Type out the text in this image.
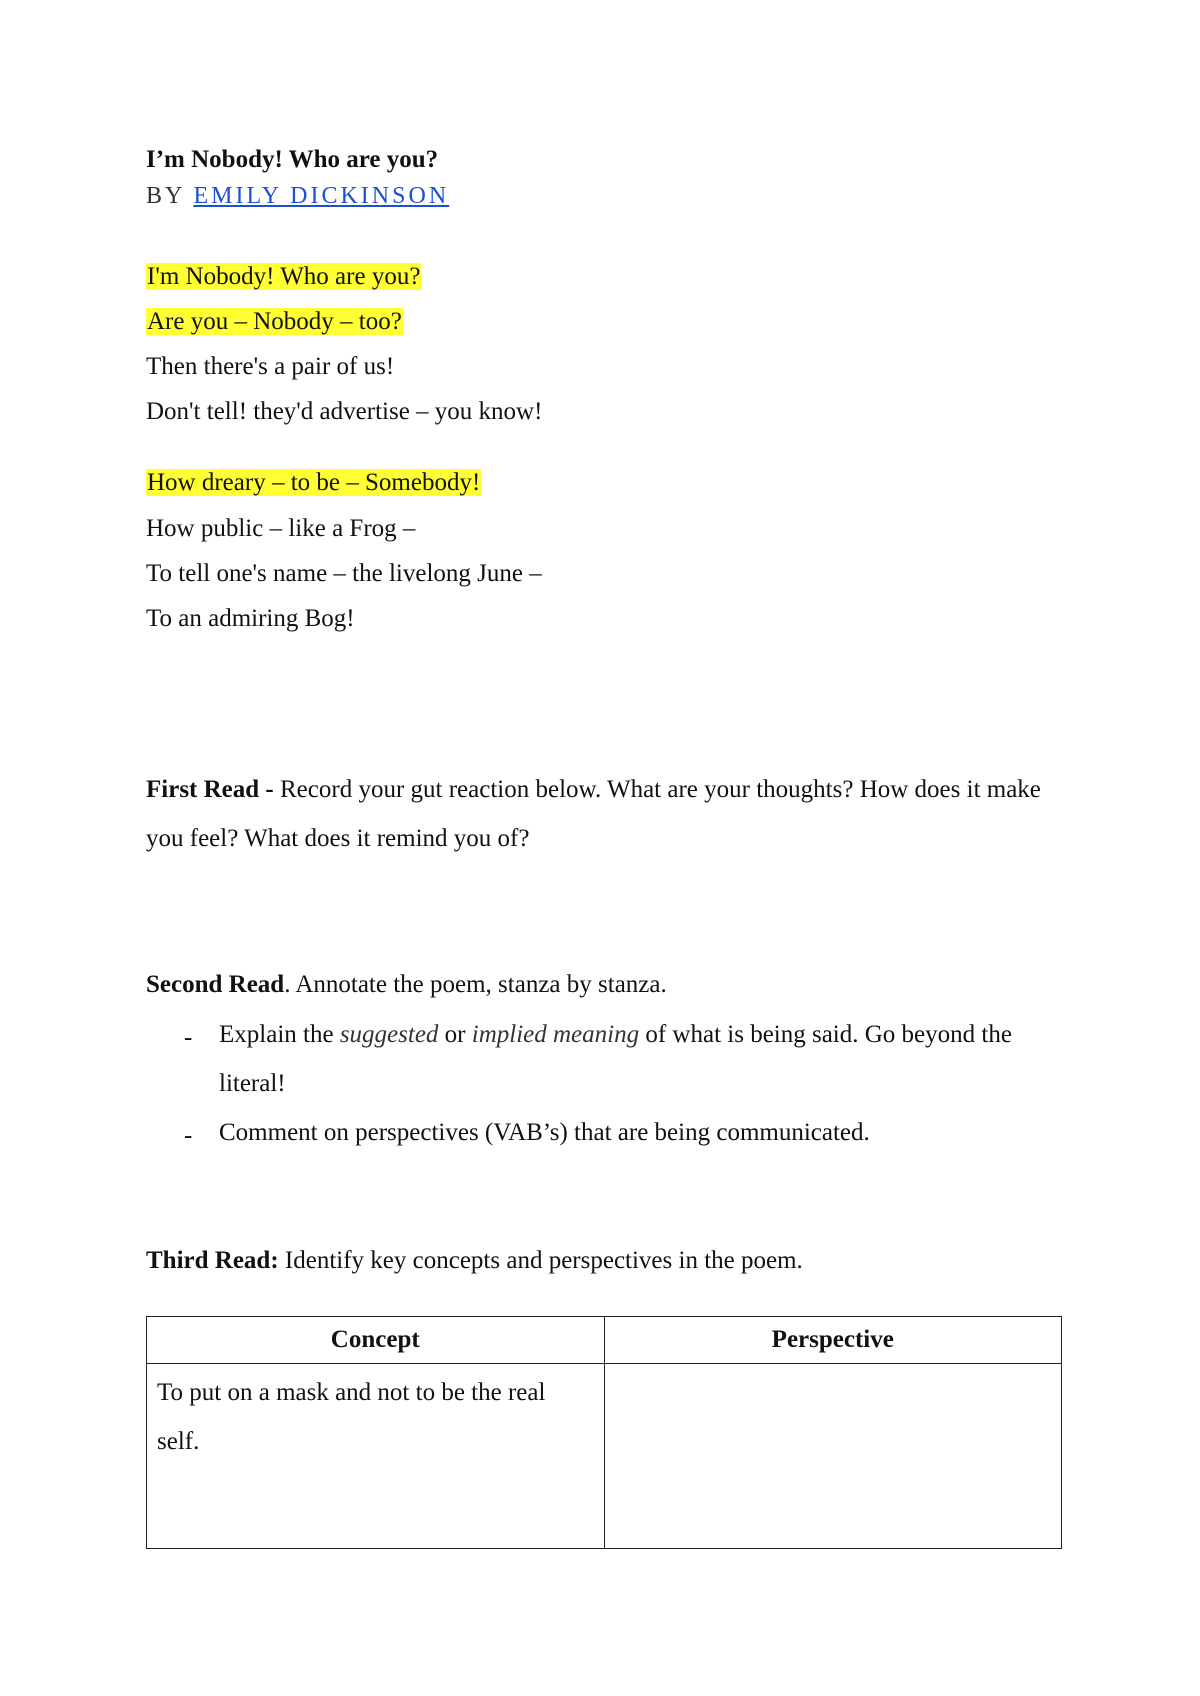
I’m Nobody! Who are you?
BY EMILY DICKINSON
I'm Nobody! Who are you?
Are you – Nobody – too?
Then there's a pair of us!
Don't tell! they'd advertise – you know!
How dreary – to be – Somebody!
How public – like a Frog –
To tell one's name – the livelong June –
To an admiring Bog!
First Read - Record your gut reaction below. What are your thoughts? How does it make you feel? What does it remind you of?
Second Read. Annotate the poem, stanza by stanza.
-	Explain the suggested or implied meaning of what is being said. Go beyond the literal!
-	Comment on perspectives (VAB’s) that are being communicated.
Third Read: Identify key concepts and perspectives in the poem.
Concept	Perspective
To put on a mask and not to be the real self.	
